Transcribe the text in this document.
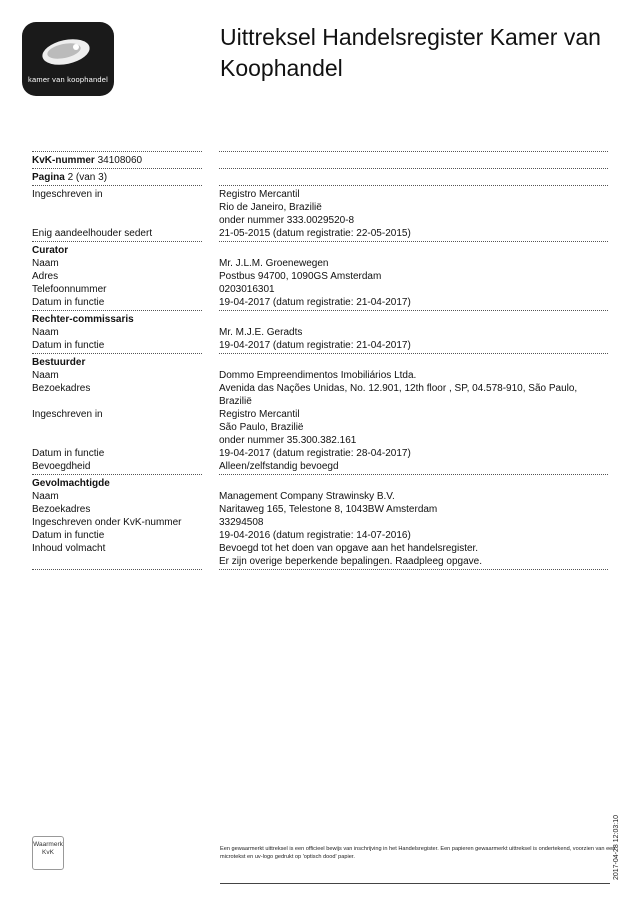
kamer van koophandel
Uittreksel Handelsregister Kamer van Koophandel
KvK-nummer 34108060
Pagina 2 (van 3)
Ingeschreven in	Registro Mercantil
Rio de Janeiro, Brazilië
onder nummer 333.0029520-8
Enig aandeelhouder sedert	21-05-2015 (datum registratie: 22-05-2015)
Curator
Naam	Mr. J.L.M. Groenewegen
Adres	Postbus 94700, 1090GS Amsterdam
Telefoonnummer	0203016301
Datum in functie	19-04-2017 (datum registratie: 21-04-2017)
Rechter-commissaris
Naam	Mr. M.J.E. Geradts
Datum in functie	19-04-2017 (datum registratie: 21-04-2017)
Bestuurder
Naam	Dommo Empreendimentos Imobiliários Ltda.
Bezoekadres	Avenida das Nações Unidas, No. 12.901, 12th floor , SP, 04.578-910, São Paulo,
Brazilië
Ingeschreven in	Registro Mercantil
São Paulo, Brazilië
onder nummer 35.300.382.161
Datum in functie	19-04-2017 (datum registratie: 28-04-2017)
Bevoegdheid	Alleen/zelfstandig bevoegd
Gevolmachtigde
Naam	Management Company Strawinsky B.V.
Bezoekadres	Naritaweg 165, Telestone 8, 1043BW Amsterdam
Ingeschreven onder KvK-nummer	33294508
Datum in functie	19-04-2016 (datum registratie: 14-07-2016)
Inhoud volmacht	Bevoegd tot het doen van opgave aan het handelsregister.
Er zijn overige beperkende bepalingen. Raadpleeg opgave.
Waarmerk
KvK	Een gewaarmerkt uittreksel is een officieel bewijs van inschrijving in het Handelsregister. Een papieren gewaarmerkt uittreksel is ondertekend, voorzien van een microtekst en uv-logo gedrukt op 'optisch dood' papier.	2017-04-28 12:03:10
